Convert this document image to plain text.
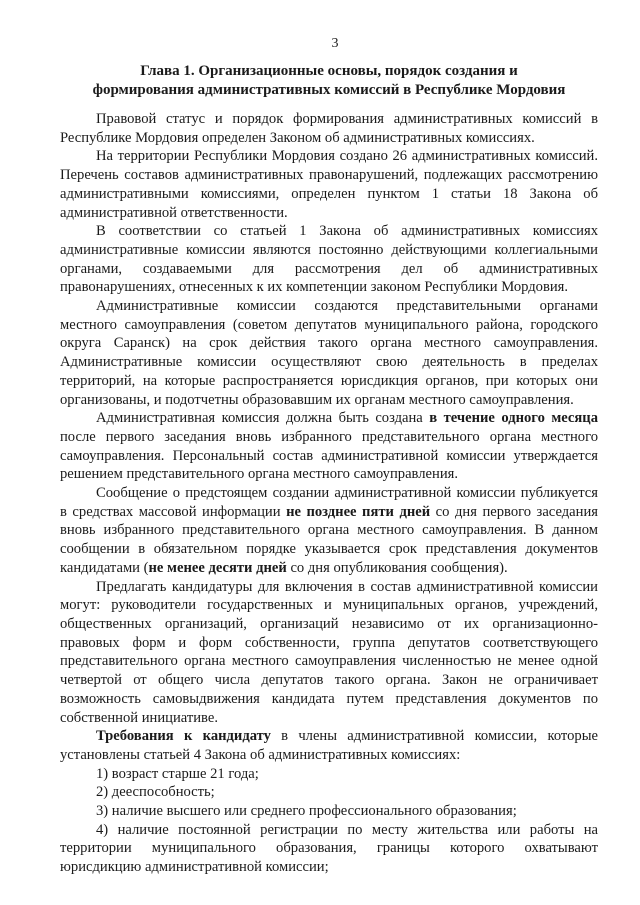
3
Глава 1. Организационные основы, порядок создания и
формирования административных комиссий в Республике Мордовия

Правовой статус и порядок формирования административных комиссий в Республике Мордовия определен Законом об административных комиссиях.

На территории Республики Мордовия создано 26 административных комиссий. Перечень составов административных правонарушений, подлежащих рассмотрению административными комиссиями, определен пунктом 1 статьи 18 Закона об административной ответственности.

В соответствии со статьей 1 Закона об административных комиссиях административные комиссии являются постоянно действующими коллегиальными органами, создаваемыми для рассмотрения дел об административных правонарушениях, отнесенных к их компетенции законом Республики Мордовия.

Административные комиссии создаются представительными органами местного самоуправления (советом депутатов муниципального района, городского округа Саранск) на срок действия такого органа местного самоуправления. Административные комиссии осуществляют свою деятельность в пределах территорий, на которые распространяется юрисдикция органов, при которых они организованы, и подотчетны образовавшим их органам местного самоуправления.

Административная комиссия должна быть создана в течение одного месяца после первого заседания вновь избранного представительного органа местного самоуправления. Персональный состав административной комиссии утверждается решением представительного органа местного самоуправления.

Сообщение о предстоящем создании административной комиссии публикуется в средствах массовой информации не позднее пяти дней со дня первого заседания вновь избранного представительного органа местного самоуправления. В данном сообщении в обязательном порядке указывается срок представления документов кандидатами (не менее десяти дней со дня опубликования сообщения).

Предлагать кандидатуры для включения в состав административной комиссии могут: руководители государственных и муниципальных органов, учреждений, общественных организаций, организаций независимо от их организационно-правовых форм и форм собственности, группа депутатов соответствующего представительного органа местного самоуправления численностью не менее одной четвертой от общего числа депутатов такого органа. Закон не ограничивает возможность самовыдвижения кандидата путем представления документов по собственной инициативе.

Требования к кандидату в члены административной комиссии, которые установлены статьей 4 Закона об административных комиссиях:

1) возраст старше 21 года;

2) дееспособность;

3) наличие высшего или среднего профессионального образования;

4) наличие постоянной регистрации по месту жительства или работы на территории муниципального образования, границы которого охватывают юрисдикцию административной комиссии;
